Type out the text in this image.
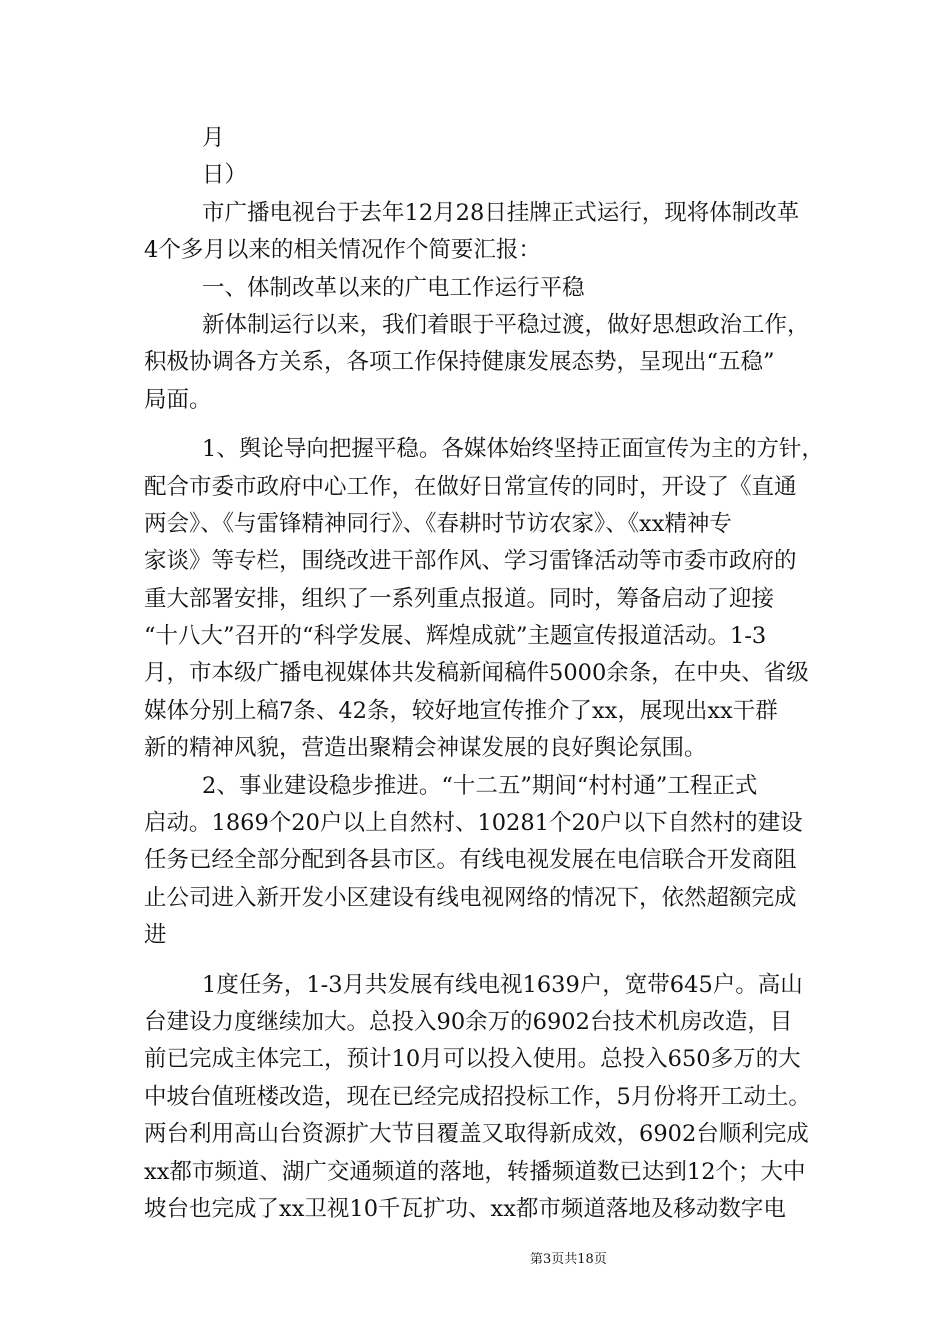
月
日）
市广播电视台于去年12月28日挂牌正式运行，现将体制改革
4个多月以来的相关情况作个简要汇报：
一、体制改革以来的广电工作运行平稳
新体制运行以来，我们着眼于平稳过渡，做好思想政治工作，
积极协调各方关系，各项工作保持健康发展态势，呈现出“五稳”
局面。
1、舆论导向把握平稳。各媒体始终坚持正面宣传为主的方针，
配合市委市政府中心工作，在做好日常宣传的同时，开设了《直通
两会》、《与雷锋精神同行》、《春耕时节访农家》、《xx精神专
家谈》等专栏，围绕改进干部作风、学习雷锋活动等市委市政府的
重大部署安排，组织了一系列重点报道。同时，筹备启动了迎接
“十八大”召开的“科学发展、辉煌成就”主题宣传报道活动。1-3
月，市本级广播电视媒体共发稿新闻稿件5000余条，在中央、省级
媒体分别上稿7条、42条，较好地宣传推介了xx，展现出xx干群
新的精神风貌，营造出聚精会神谋发展的良好舆论氛围。
2、事业建设稳步推进。“十二五”期间“村村通”工程正式
启动。1869个20户以上自然村、10281个20户以下自然村的建设
任务已经全部分配到各县市区。有线电视发展在电信联合开发商阻
止公司进入新开发小区建设有线电视网络的情况下，依然超额完成
进
1度任务，1-3月共发展有线电视1639户，宽带645户。高山
台建设力度继续加大。总投入90余万的6902台技术机房改造，目
前已完成主体完工，预计10月可以投入使用。总投入650多万的大
中坡台值班楼改造，现在已经完成招投标工作，5月份将开工动土。
两台利用高山台资源扩大节目覆盖又取得新成效，6902台顺利完成
xx都市频道、湖广交通频道的落地，转播频道数已达到12个；大中
坡台也完成了xx卫视10千瓦扩功、xx都市频道落地及移动数字电
第3页共18页
